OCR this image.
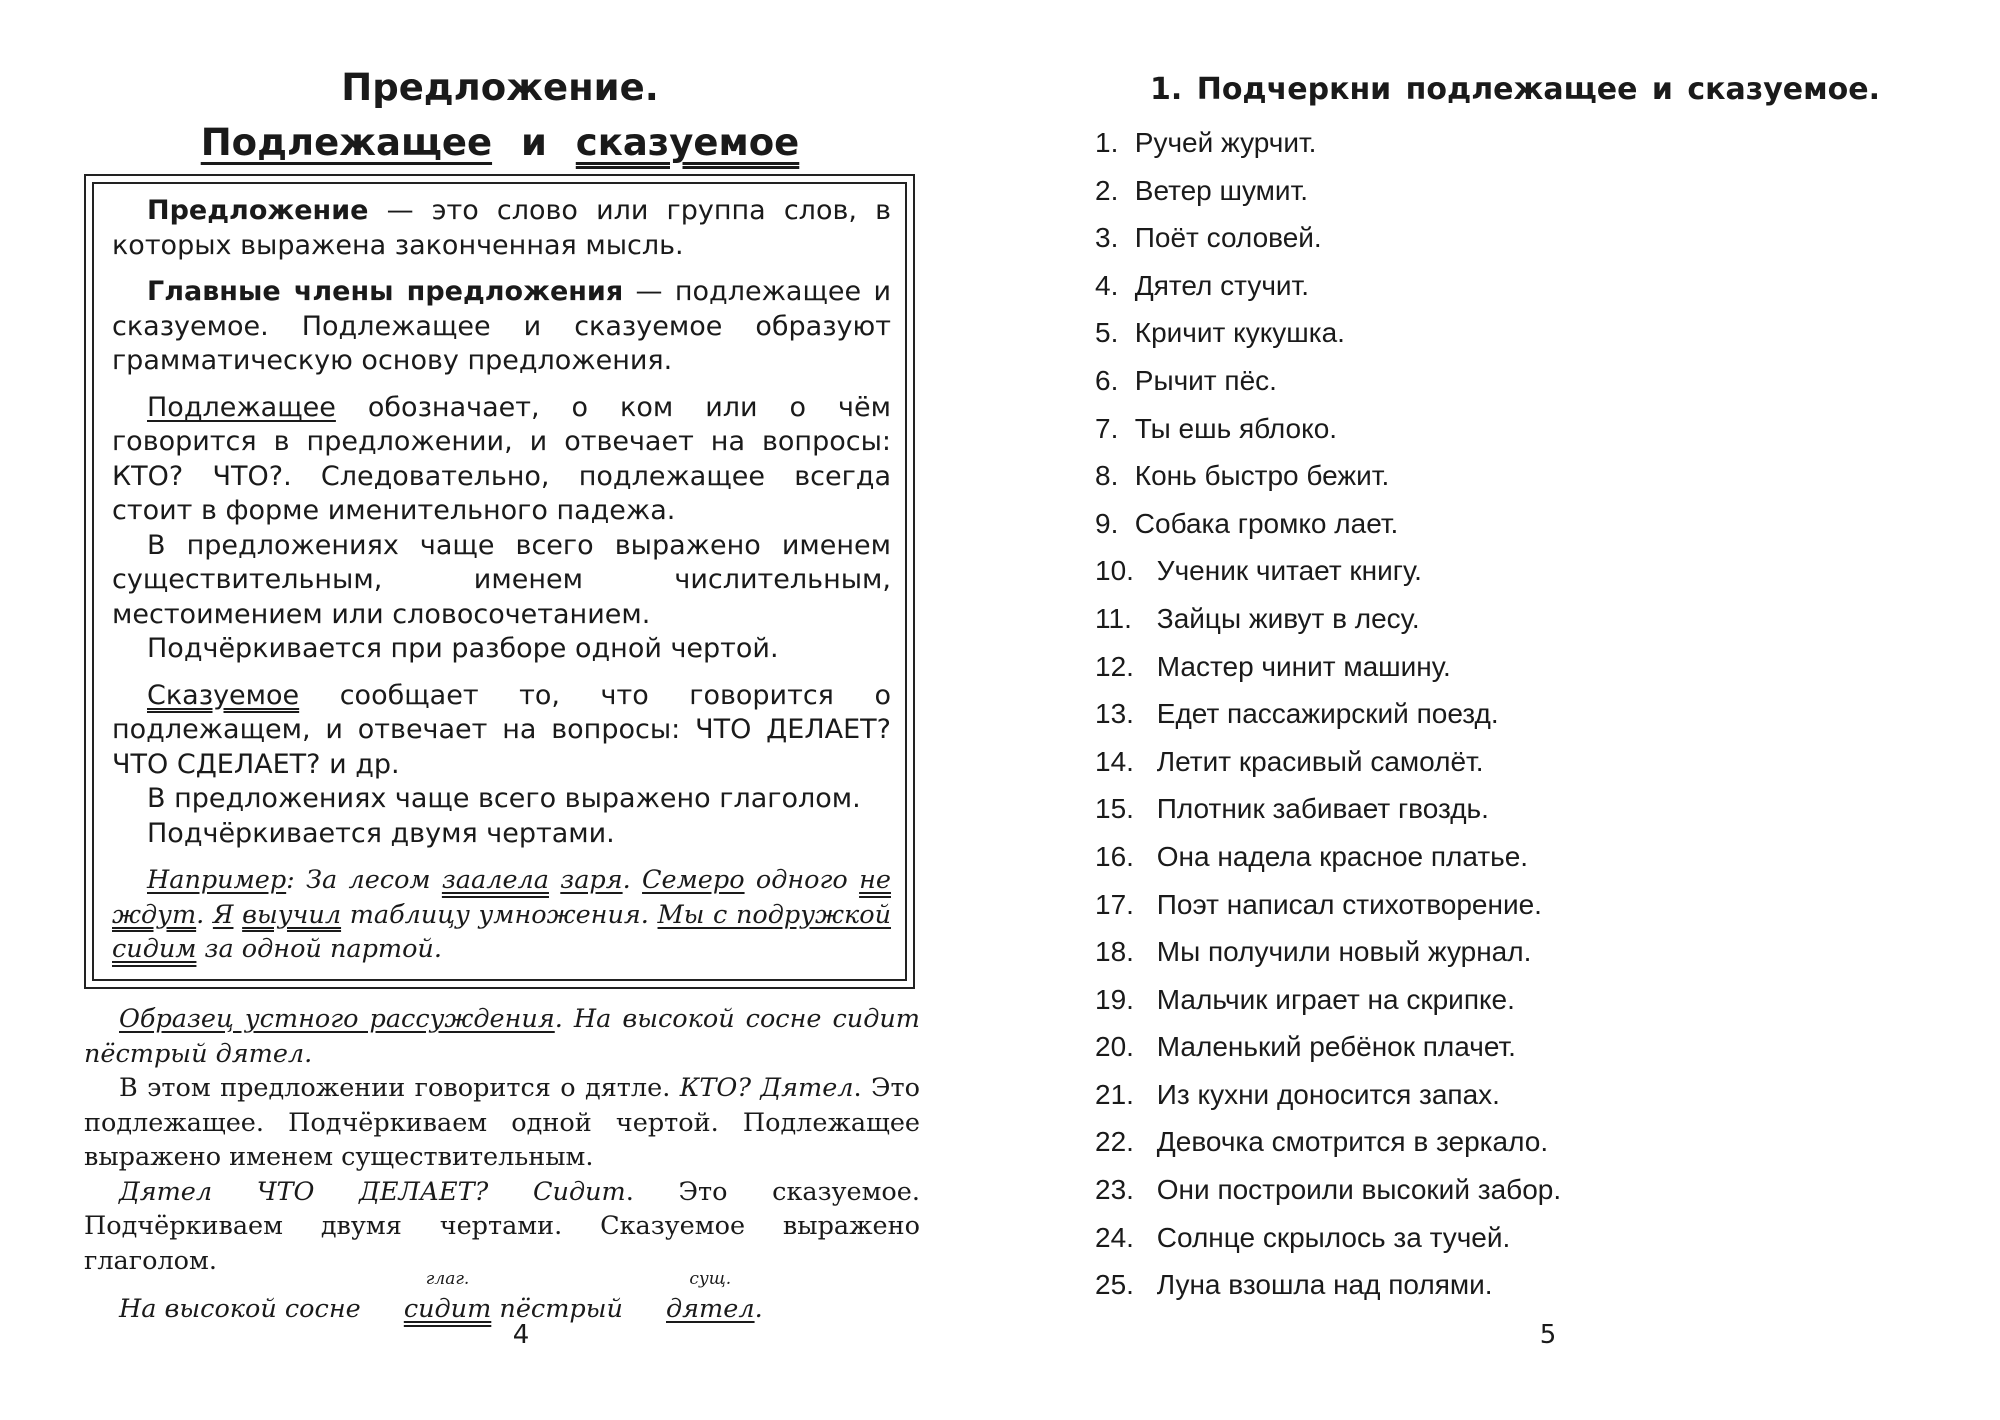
Предложение.
Подлежащее и сказуемое

Предложение — это слово или группа слов, в которых выражена законченная мысль.

Главные члены предложения — подлежащее и сказуемое. Подлежащее и сказуемое образуют грамматическую основу предложения.

Подлежащее обозначает, о ком или о чём говорится в предложении, и отвечает на вопросы: КТО? ЧТО?. Следовательно, подлежащее всегда стоит в форме именительного падежа.

В предложениях чаще всего выражено именем существительным, именем числительным, местоимением или словосочетанием.

Подчёркивается при разборе одной чертой.

Сказуемое сообщает то, что говорится о подлежащем, и отвечает на вопросы: ЧТО ДЕЛАЕТ? ЧТО СДЕЛАЕТ? и др.

В предложениях чаще всего выражено глаголом.

Подчёркивается двумя чертами.

Например: За лесом заалела заря. Семеро одного не ждут. Я выучил таблицу умножения. Мы с подружкой сидим за одной партой.

Образец устного рассуждения. На высокой сосне сидит пёстрый дятел.

В этом предложении говорится о дятле. КТО? Дятел. Это подлежащее. Подчёркиваем одной чертой. Подлежащее выражено именем существительным.

Дятел ЧТО ДЕЛАЕТ? Сидит. Это сказуемое. Подчёркиваем двумя чертами. Сказуемое выражено глаголом.

На высокой сосне
глаг.
сидит пёстрый
сущ.
дятел.

4
1. Подчеркни подлежащее и сказуемое.
1. Ручей журчит.
2. Ветер шумит.
3. Поёт соловей.
4. Дятел стучит.
5. Кричит кукушка.
6. Рычит пёс.
7. Ты ешь яблоко.
8. Конь быстро бежит.
9. Собака громко лает.
10. Ученик читает книгу.
11. Зайцы живут в лесу.
12. Мастер чинит машину.
13. Едет пассажирский поезд.
14. Летит красивый самолёт.
15. Плотник забивает гвоздь.
16. Она надела красное платье.
17. Поэт написал стихотворение.
18. Мы получили новый журнал.
19. Мальчик играет на скрипке.
20. Маленький ребёнок плачет.
21. Из кухни доносится запах.
22. Девочка смотрится в зеркало.
23. Они построили высокий забор.
24. Солнце скрылось за тучей.
25. Луна взошла над полями.
5
